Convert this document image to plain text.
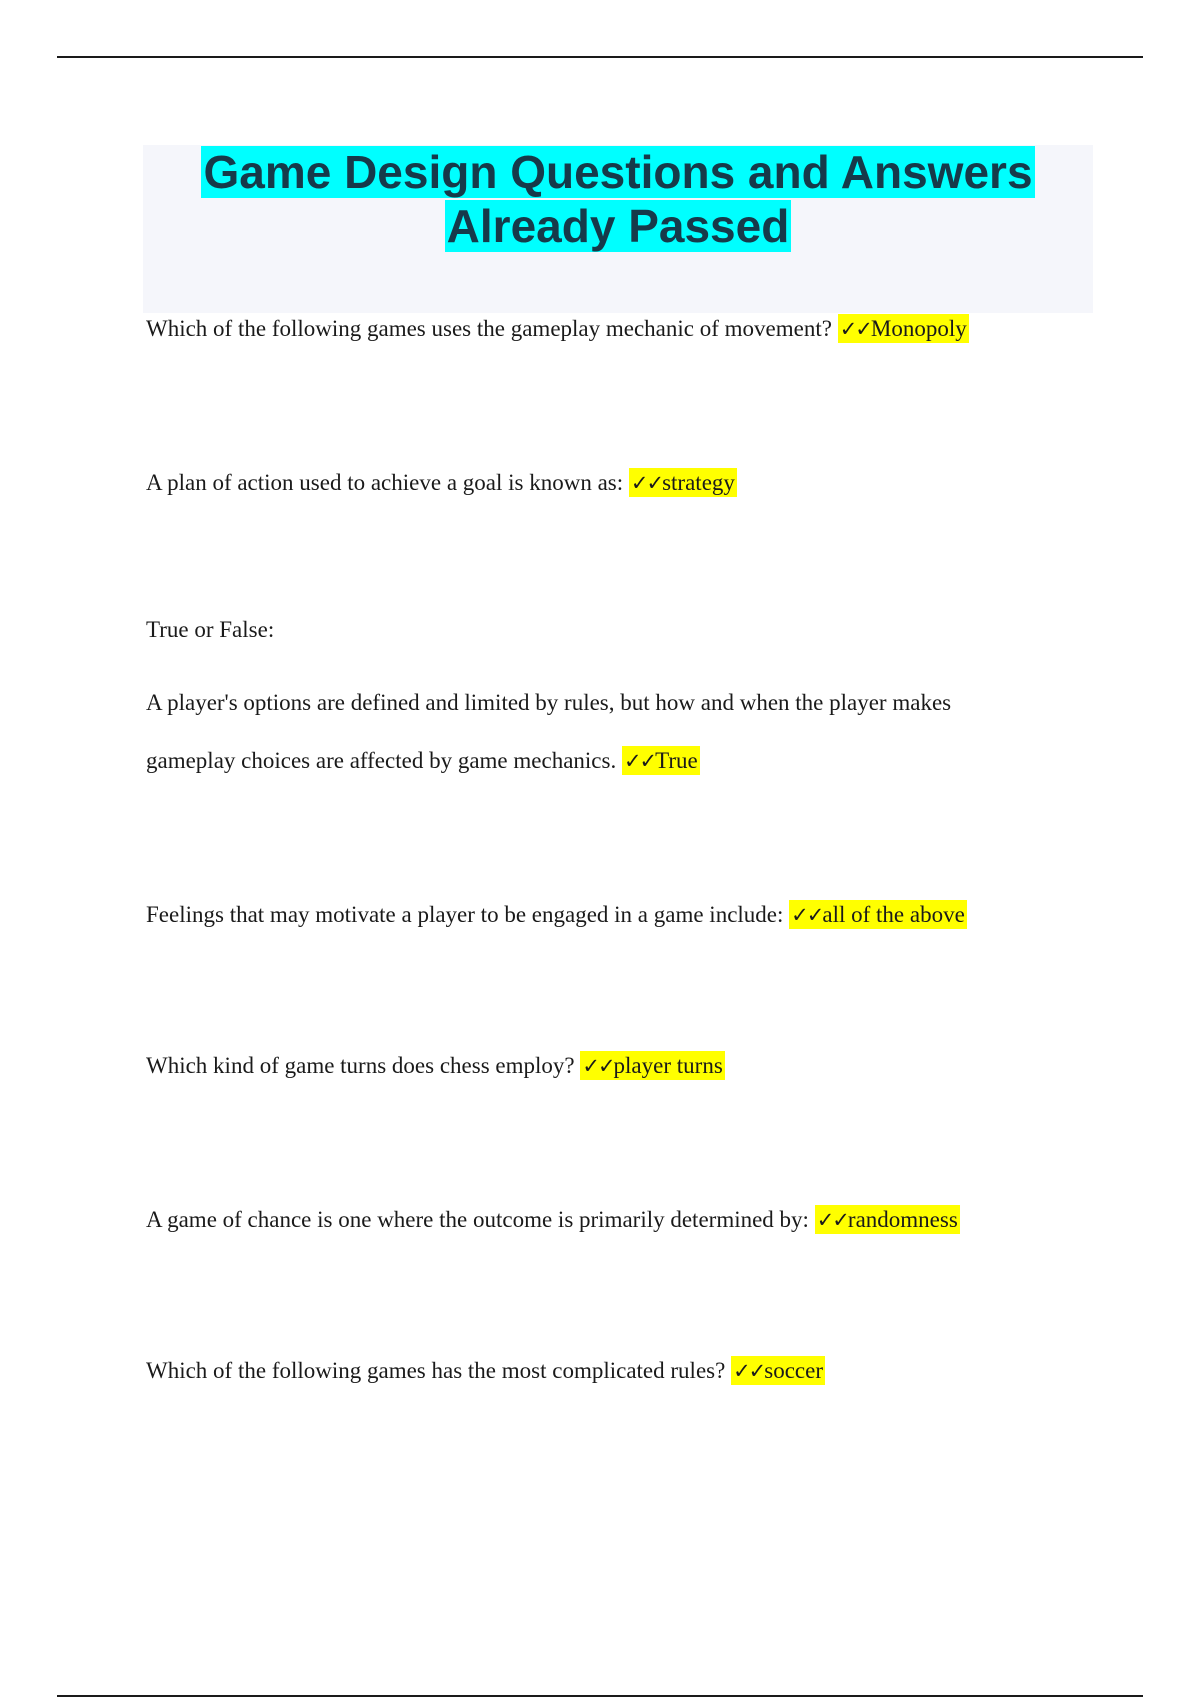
Game Design Questions and Answers
Already Passed

Which of the following games uses the gameplay mechanic of movement? ✓✓Monopoly

A plan of action used to achieve a goal is known as: ✓✓strategy

True or False:

A player's options are defined and limited by rules, but how and when the player makes
gameplay choices are affected by game mechanics. ✓✓True

Feelings that may motivate a player to be engaged in a game include: ✓✓all of the above

Which kind of game turns does chess employ? ✓✓player turns

A game of chance is one where the outcome is primarily determined by: ✓✓randomness

Which of the following games has the most complicated rules? ✓✓soccer
